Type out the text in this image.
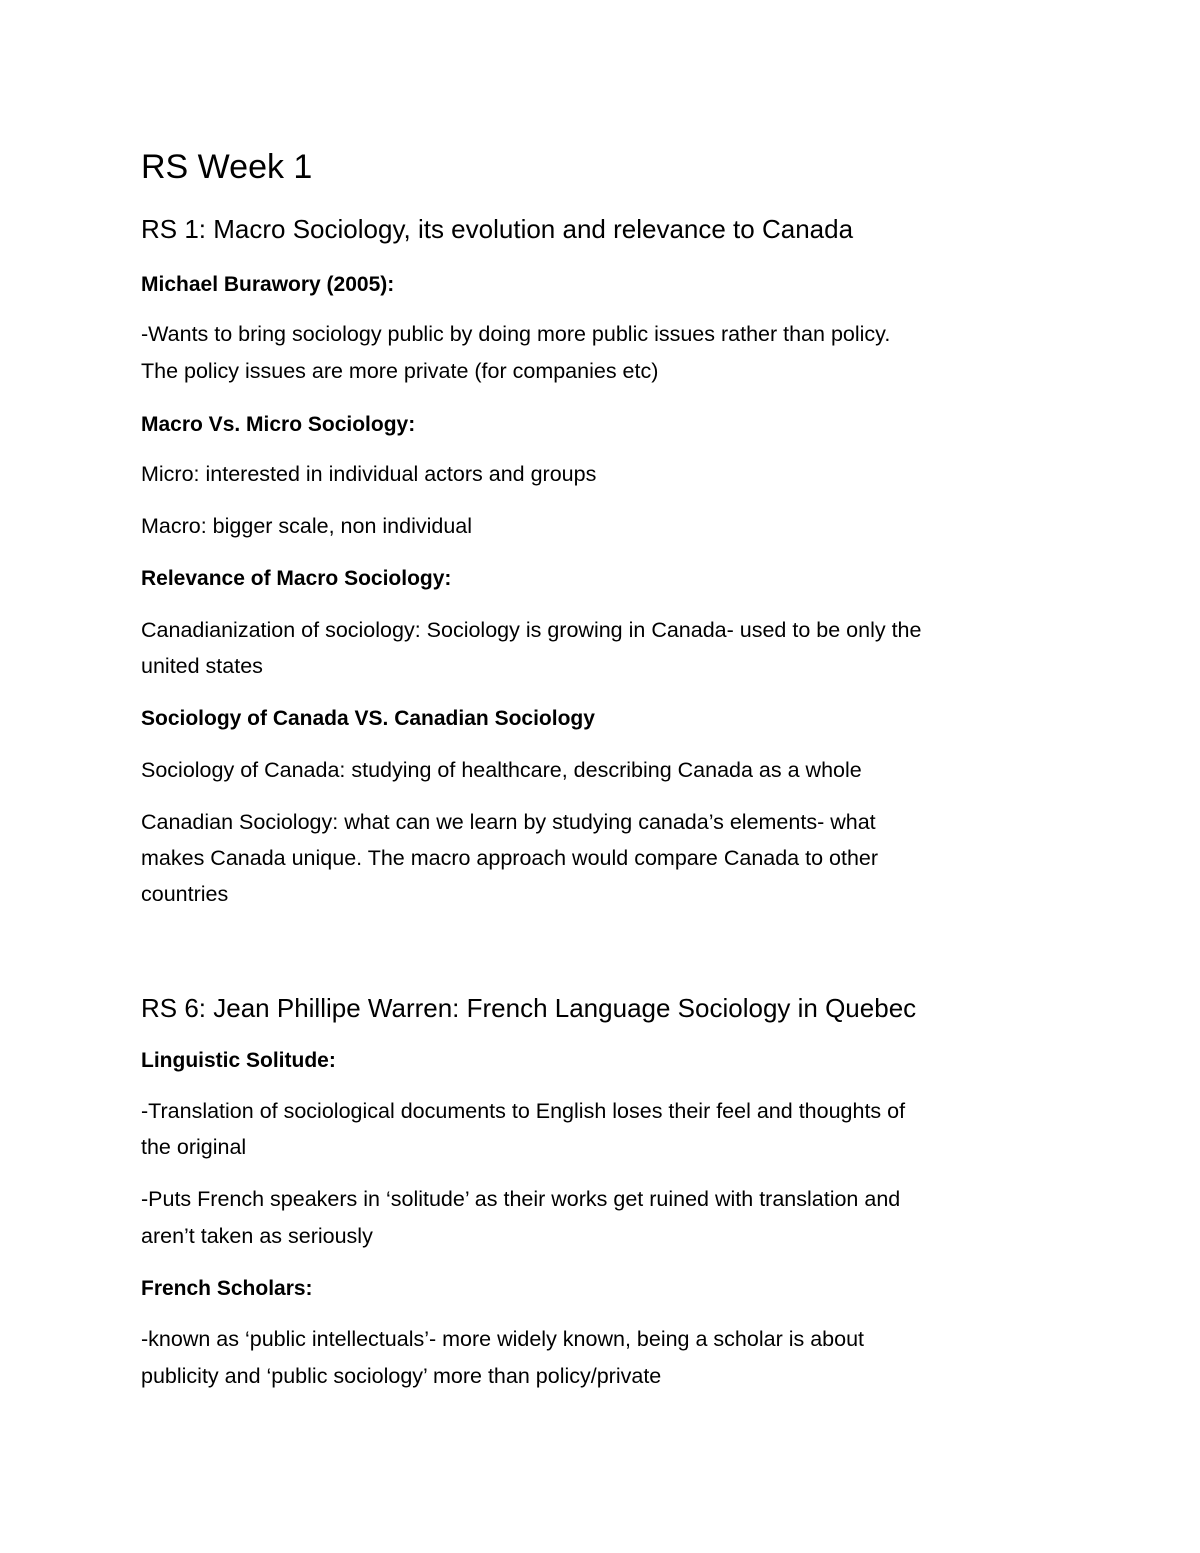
RS Week 1
RS 1: Macro Sociology, its evolution and relevance to Canada

Michael Burawory (2005):

-Wants to bring sociology public by doing more public issues rather than policy.

The policy issues are more private (for companies etc)

Macro Vs. Micro Sociology:

Micro: interested in individual actors and groups

Macro: bigger scale, non individual

Relevance of Macro Sociology:

Canadianization of sociology: Sociology is growing in Canada- used to be only the

united states

Sociology of Canada VS. Canadian Sociology

Sociology of Canada: studying of healthcare, describing Canada as a whole

Canadian Sociology: what can we learn by studying canada’s elements- what

makes Canada unique. The macro approach would compare Canada to other

countries

RS 6: Jean Phillipe Warren: French Language Sociology in Quebec

Linguistic Solitude:

-Translation of sociological documents to English loses their feel and thoughts of

the original

-Puts French speakers in ‘solitude’ as their works get ruined with translation and

aren’t taken as seriously

French Scholars:

-known as ‘public intellectuals’- more widely known, being a scholar is about

publicity and ‘public sociology’ more than policy/private
